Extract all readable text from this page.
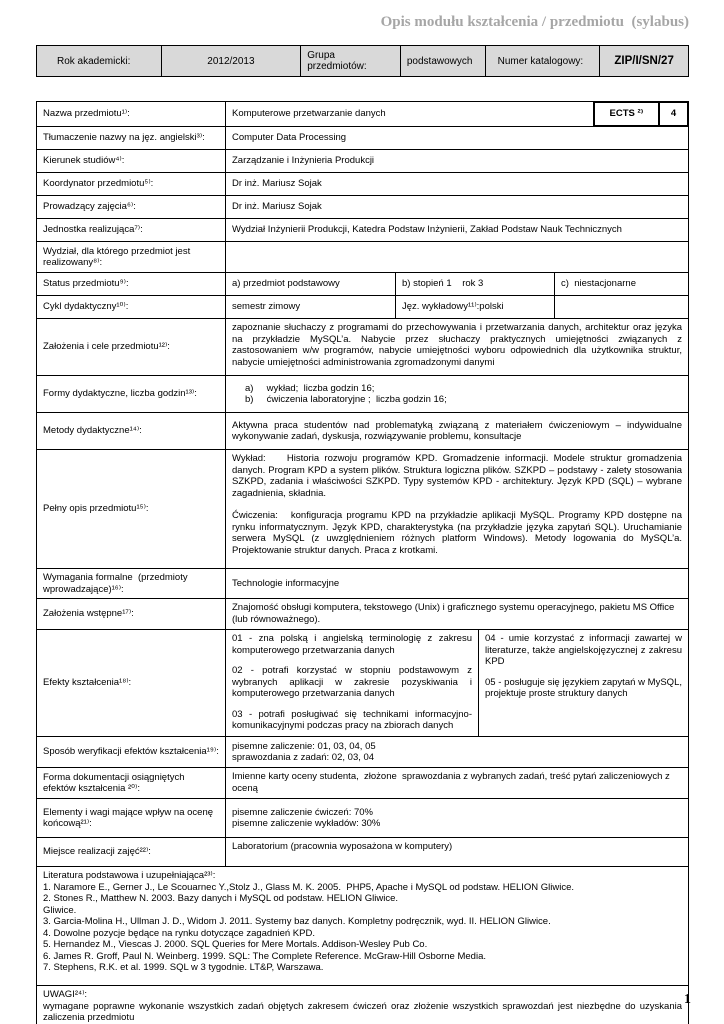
Opis modułu kształcenia / przedmiotu  (sylabus)
Rok akademicki:	2012/2013	Grupa przedmiotów:	podstawowych	Numer katalogowy:	ZIP/I/SN/27
Nazwa przedmiotu¹⁾:	Komputerowe przetwarzanie danych	ECTS ²⁾	4
Tłumaczenie nazwy na jęz. angielski³⁾:	Computer Data Processing
Kierunek studiów⁴⁾:	Zarządzanie i Inżynieria Produkcji
Koordynator przedmiotu⁵⁾:	Dr inż. Mariusz Sojak
Prowadzący zajęcia⁶⁾:	Dr inż. Mariusz Sojak
Jednostka realizująca⁷⁾:	Wydział Inżynierii Produkcji, Katedra Podstaw Inżynierii, Zakład Podstaw Nauk Technicznych
Wydział, dla którego przedmiot jest realizowany⁸⁾:
Status przedmiotu⁹⁾:	a) przedmiot podstawowy	b) stopień 1    rok 3	c)  niestacjonarne
Cykl dydaktyczny¹⁰⁾:	semestr zimowy	Jęz. wykładowy¹¹⁾: polski
Założenia i cele przedmiotu¹²⁾:
zapoznanie słuchaczy z programami do przechowywania i przetwarzania danych, architektur oraz języka na przykładzie MySQL’a. Nabycie przez słuchaczy praktycznych umiejętności związanych z zastosowaniem w/w programów, nabycie umiejętności wyboru odpowiednich dla użytkownika struktur, nabycie umiejętności administrowania zgromadzonymi danymi
Formy dydaktyczne, liczba godzin¹³⁾:
a)     wykład;  liczba godzin 16;
b)     ćwiczenia laboratoryjne ;  liczba godzin 16;
Metody dydaktyczne¹⁴⁾:
Aktywna praca studentów nad problematyką związaną z materiałem ćwiczeniowym – indywidualne wykonywanie zadań, dyskusja, rozwiązywanie problemu, konsultacje
Pełny opis przedmiotu¹⁵⁾:
Wykład:    Historia rozwoju programów KPD. Gromadzenie informacji. Modele struktur gromadzenia danych. Program KPD a system plików. Struktura logiczna plików. SZKPD – podstawy - zalety stosowania SZKPD, zadania i właściwości SZKPD. Typy systemów KPD - architektury. Język KPD (SQL) – wybrane zagadnienia, składnia.
Ćwiczenia:   konfiguracja programu KPD na przykładzie aplikacji MySQL. Programy KPD dostępne na rynku informatycznym. Język KPD, charakterystyka (na przykładzie języka zapytań SQL). Uruchamianie serwera MySQL (z uwzględnieniem różnych platform Windows). Metody logowania do MySQL’a. Projektowanie struktur danych. Praca z krotkami.
Wymagania formalne  (przedmioty wprowadzające)¹⁶⁾:
Technologie informacyjne
Założenia wstępne¹⁷⁾:
Znajomość obsługi komputera, tekstowego (Unix) i graficznego systemu operacyjnego, pakietu MS Office (lub równoważnego).
Efekty kształcenia¹⁸⁾:
01 - zna polską i angielską terminologię z zakresu komputerowego przetwarzania danych
02 - potrafi korzystać w stopniu podstawowym z wybranych aplikacji w zakresie pozyskiwania i komputerowego przetwarzania danych
03 - potrafi posługiwać się technikami informacyjno-komunikacyjnymi podczas pracy na zbiorach danych
04 - umie korzystać z informacji zawartej w literaturze, także angielskojęzycznej z zakresu KPD
05 - posługuje się językiem zapytań w MySQL, projektuje proste struktury danych
Sposób weryfikacji efektów kształcenia¹⁹⁾:
pisemne zaliczenie: 01, 03, 04, 05
sprawozdania z zadań: 02, 03, 04
Forma dokumentacji osiągniętych efektów kształcenia ²⁰⁾:
Imienne karty oceny studenta,  złożone  sprawozdania z wybranych zadań, treść pytań zaliczeniowych z oceną
Elementy i wagi mające wpływ na ocenę końcową²¹⁾:
pisemne zaliczenie ćwiczeń: 70%
pisemne zaliczenie wykładów: 30%
Miejsce realizacji zajęć²²⁾:	Laboratorium (pracownia wyposażona w komputery)
Literatura podstawowa i uzupełniająca²³⁾:
1. Naramore E., Gerner J., Le Scouarnec Y.,Stolz J., Glass M. K. 2005.  PHP5, Apache i MySQL od podstaw. HELION Gliwice.
2. Stones R., Matthew N. 2003. Bazy danych i MySQL od podstaw. HELION Gliwice.
Gliwice.
3. Garcia-Molina H., Ullman J. D., Widom J. 2011. Systemy baz danych. Kompletny podręcznik, wyd. II. HELION Gliwice.
4. Dowolne pozycje będące na rynku dotyczące zagadnień KPD.
5. Hernandez M., Viescas J. 2000. SQL Queries for Mere Mortals. Addison-Wesley Pub Co.
6. James R. Groff, Paul N. Weinberg. 1999. SQL: The Complete Reference. McGraw-Hill Osborne Media.
7. Stephens, R.K. et al. 1999. SQL w 3 tygodnie. LT&P, Warszawa.
UWAGI²⁴⁾:
wymagane poprawne wykonanie wszystkich zadań objętych zakresem ćwiczeń oraz złożenie wszystkich sprawozdań jest niezbędne do uzyskania zaliczenia przedmiotu
1
